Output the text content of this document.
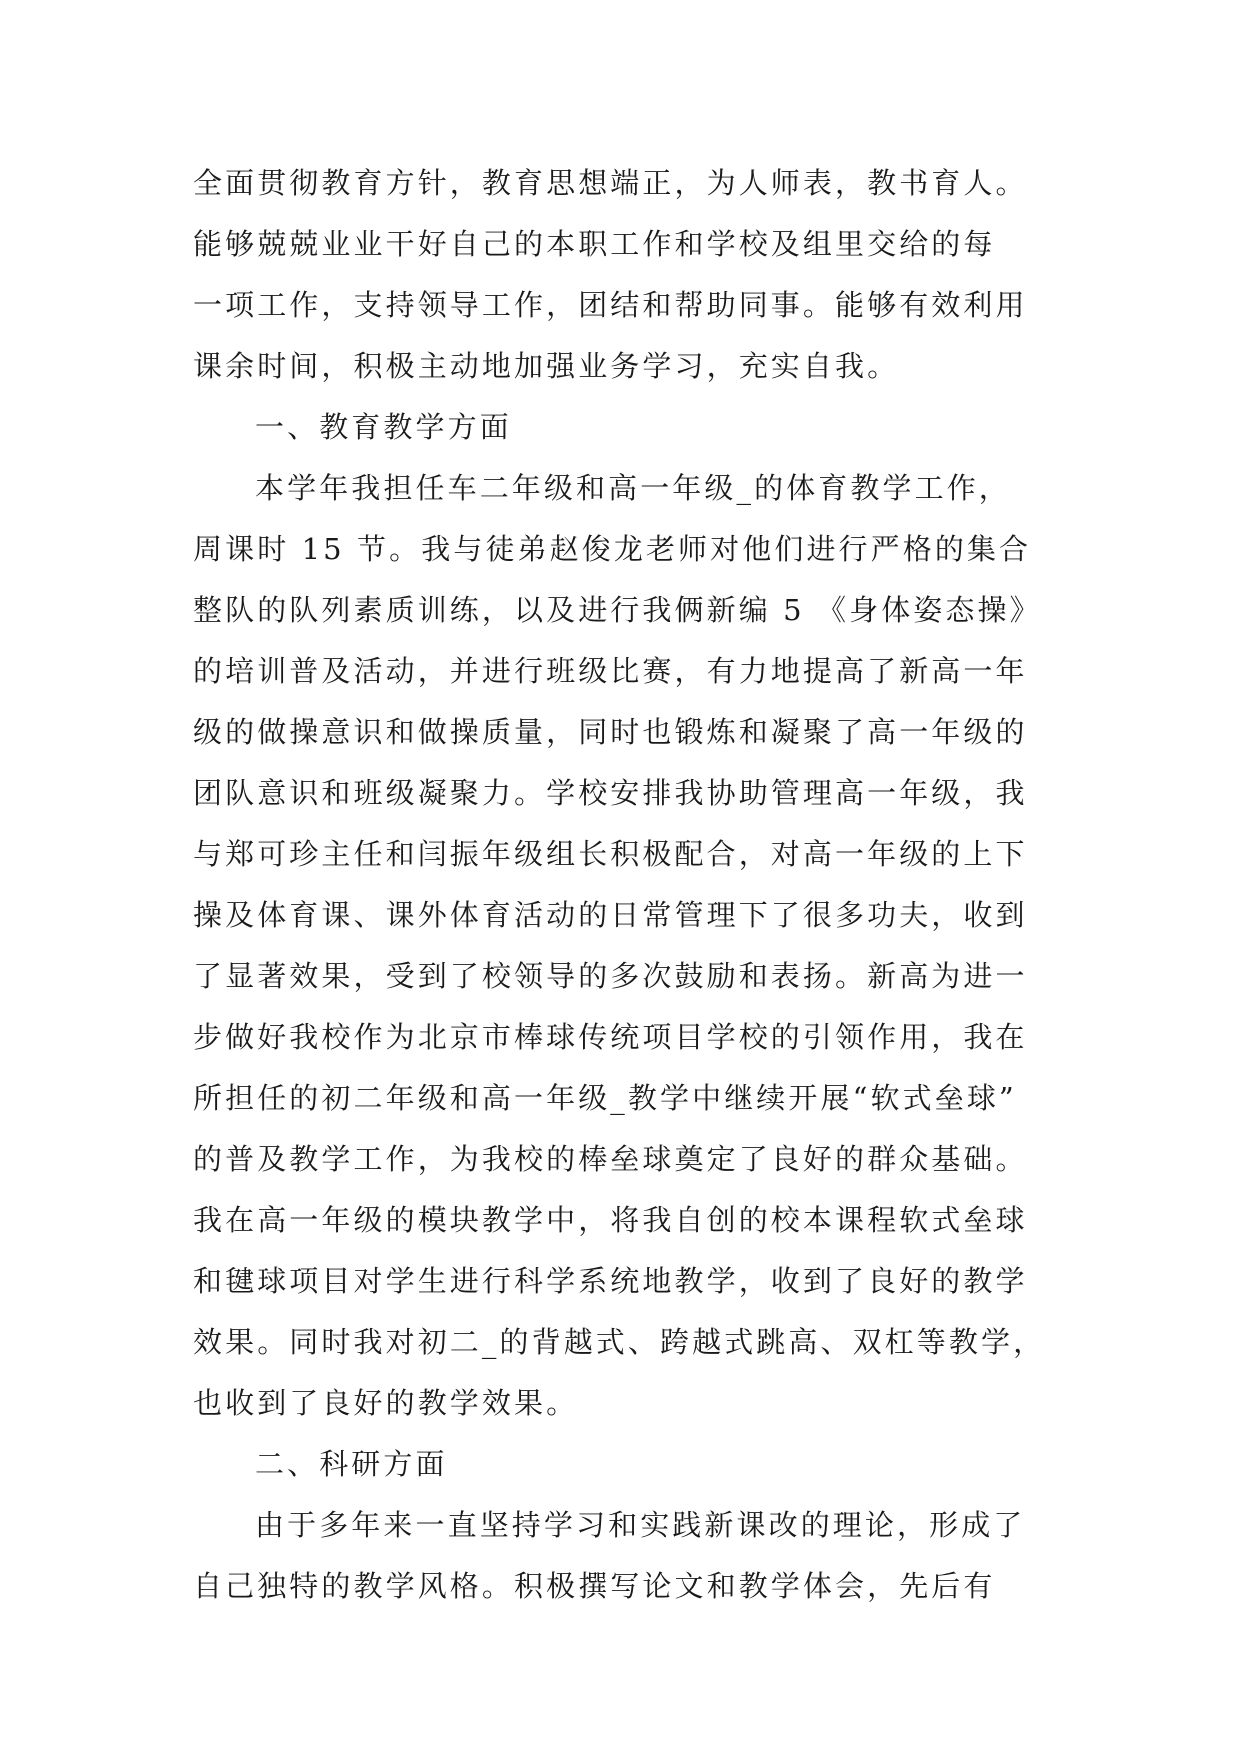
全面贯彻教育方针，教育思想端正，为人师表，教书育人。
能够兢兢业业干好自己的本职工作和学校及组里交给的每
一项工作，支持领导工作，团结和帮助同事。能够有效利用
课余时间，积极主动地加强业务学习，充实自我。
一、教育教学方面
本学年我担任车二年级和高一年级_的体育教学工作，
周课时 15 节。我与徒弟赵俊龙老师对他们进行严格的集合
整队的队列素质训练，以及进行我俩新编 5 《身体姿态操》
的培训普及活动，并进行班级比赛，有力地提高了新高一年
级的做操意识和做操质量，同时也锻炼和凝聚了高一年级的
团队意识和班级凝聚力。学校安排我协助管理高一年级，我
与郑可珍主任和闫振年级组长积极配合，对高一年级的上下
操及体育课、课外体育活动的日常管理下了很多功夫，收到
了显著效果，受到了校领导的多次鼓励和表扬。新高为进一
步做好我校作为北京市棒球传统项目学校的引领作用，我在
所担任的初二年级和高一年级_教学中继续开展“软式垒球”
的普及教学工作，为我校的棒垒球奠定了良好的群众基础。
我在高一年级的模块教学中，将我自创的校本课程软式垒球
和毽球项目对学生进行科学系统地教学，收到了良好的教学
效果。同时我对初二_的背越式、跨越式跳高、双杠等教学，
也收到了良好的教学效果。
二、科研方面
由于多年来一直坚持学习和实践新课改的理论，形成了
自己独特的教学风格。积极撰写论文和教学体会，先后有
